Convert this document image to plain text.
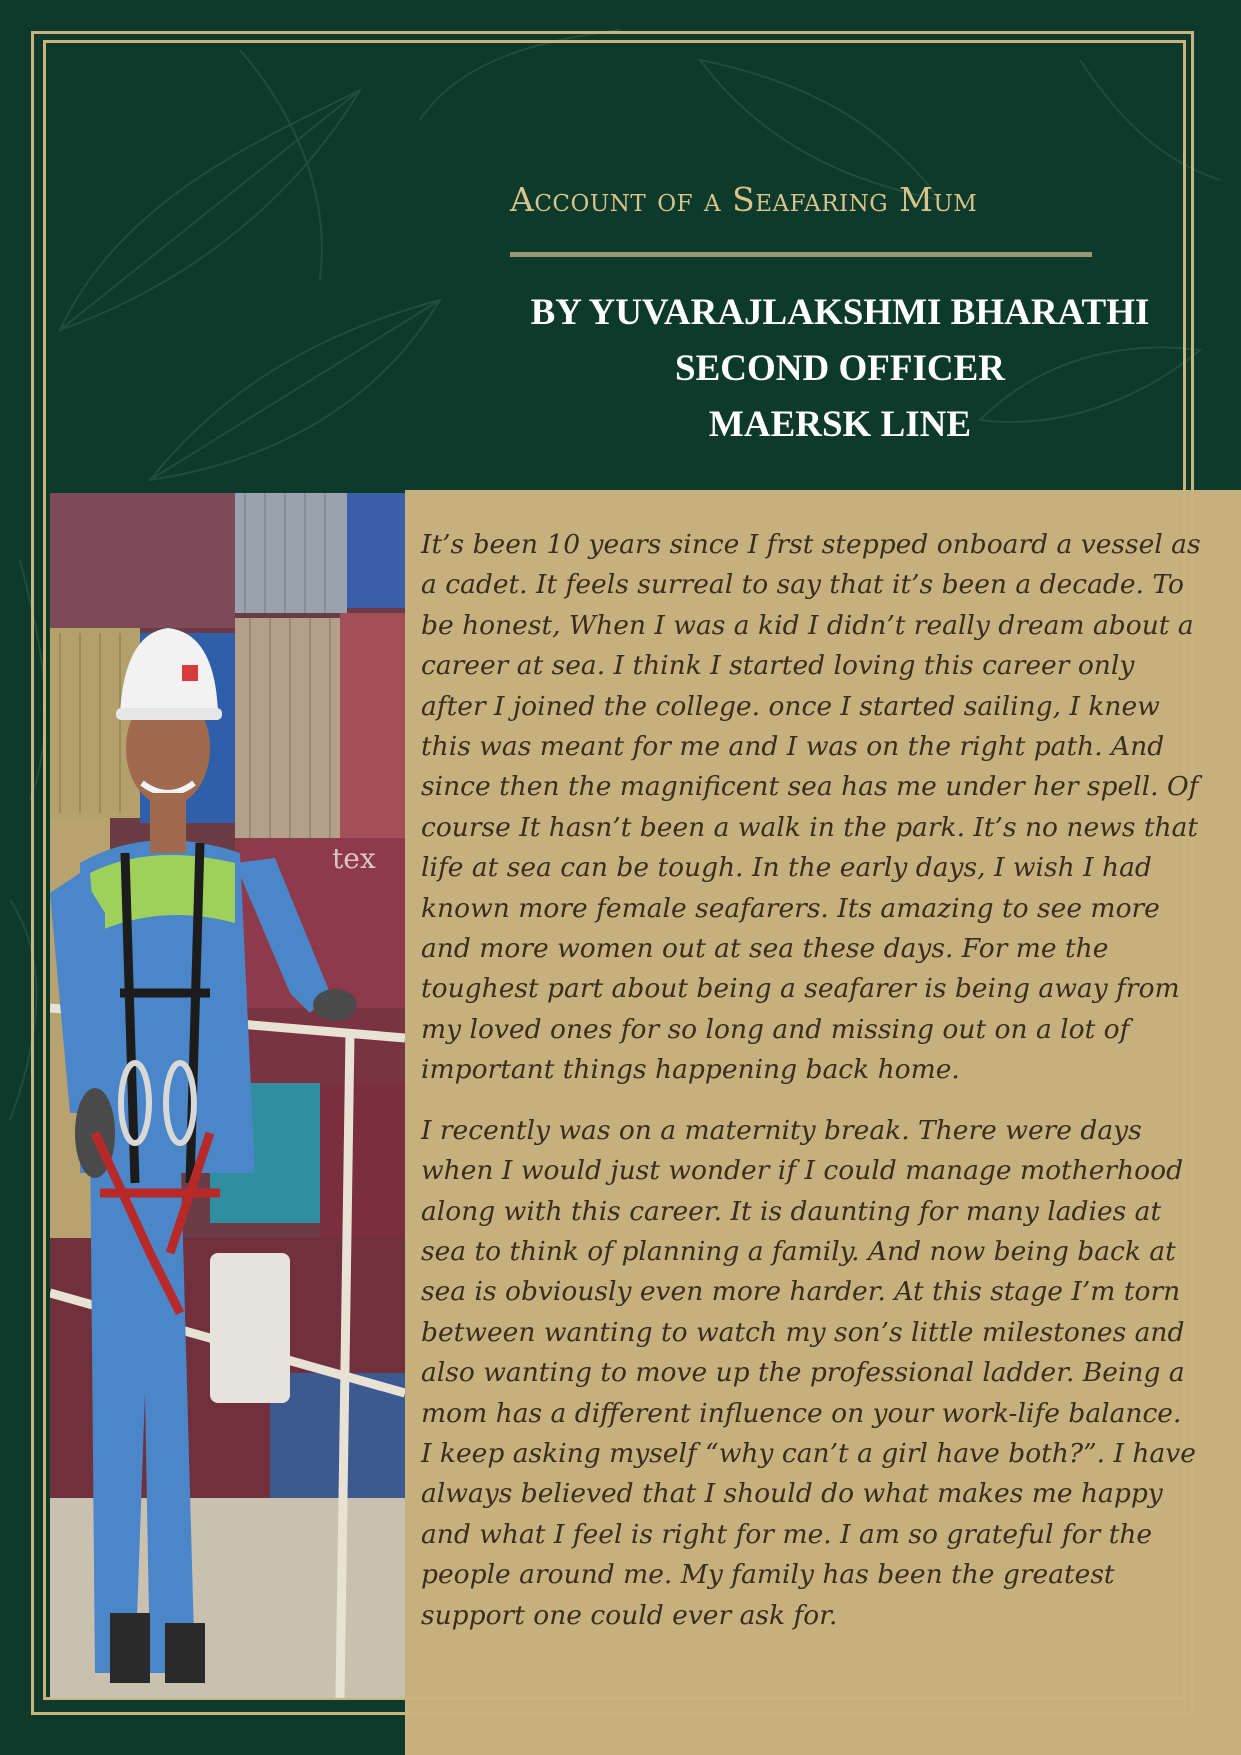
Account of a Seafaring Mum
BY YUVARAJLAKSHMI BHARATHI
SECOND OFFICER
MAERSK LINE
tex

It’s been 10 years since I frst stepped onboard a vessel as

a cadet. It feels surreal to say that it’s been a decade. To

be honest, When I was a kid I didn’t really dream about a

career at sea. I think I started loving this career only

after I joined the college. once I started sailing, I knew

this was meant for me and I was on the right path. And

since then the magnificent sea has me under her spell. Of

course It hasn’t been a walk in the park. It’s no news that

life at sea can be tough. In the early days, I wish I had

known more female seafarers. Its amazing to see more

and more women out at sea these days. For me the

toughest part about being a seafarer is being away from

my loved ones for so long and missing out on a lot of

important things happening back home.

I recently was on a maternity break. There were days

when I would just wonder if I could manage motherhood

along with this career. It is daunting for many ladies at

sea to think of planning a family. And now being back at

sea is obviously even more harder. At this stage I’m torn

between wanting to watch my son’s little milestones and

also wanting to move up the professional ladder. Being a

mom has a different influence on your work-life balance.

I keep asking myself “why can’t a girl have both?”. I have

always believed that I should do what makes me happy

and what I feel is right for me. I am so grateful for the

people around me. My family has been the greatest

support one could ever ask for.
